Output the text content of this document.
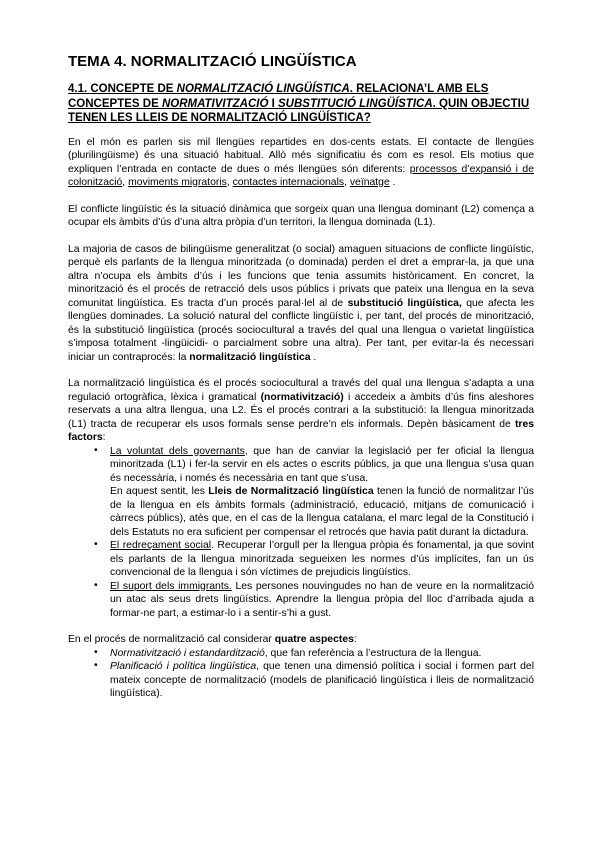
TEMA 4. NORMALITZACIÓ LINGÜÍSTICA
4.1. CONCEPTE DE NORMALITZACIÓ LINGÜÍSTICA. RELACIONA’L AMB ELS CONCEPTES DE NORMATIVITZACIÓ I SUBSTITUCIÓ LINGÜÍSTICA. QUIN OBJECTIU TENEN LES LLEIS DE NORMALITZACIÓ LINGÜÍSTICA?
En el món es parlen sis mil llengües repartides en dos-cents estats. El contacte de llengües (plurilingüisme) és una situació habitual. Allò més significatiu és com es resol. Els motius que expliquen l’entrada en contacte de dues o més llengües són diferents: processos d’expansió i de colonització, moviments migratoris, contactes internacionals, veïnatge .
El conflicte lingüístic és la situació dinàmica que sorgeix quan una llengua dominant (L2) comença a ocupar els àmbits d’ús d’una altra pròpia d’un territori, la llengua dominada (L1).
La majoria de casos de bilingüisme generalitzat (o social) amaguen situacions de conflicte lingüístic, perquè els parlants de la llengua minoritzada (o dominada) perden el dret a emprar-la, ja que una altra n’ocupa els àmbits d’ús i les funcions que tenia assumits històricament. En concret, la minorització és el procés de retracció dels usos públics i privats que pateix una llengua en la seva comunitat lingüística. Es tracta d’un procés paral·lel al de substitució lingüística, que afecta les llengües dominades. La solució natural del conflicte lingüístic i, per tant, del procés de minorització, és la substitució lingüística (procés sociocultural a través del qual una llengua o varietat lingüística s’imposa totalment -lingüicidi- o parcialment sobre una altra). Per tant, per evitar-la és necessari iniciar un contraprocés: la normalització lingüística .
La normalització lingüística és el procés sociocultural a través del qual una llengua s’adapta a una regulació ortogràfica, lèxica i gramatical (normativització) i accedeix a àmbits d’ús fins aleshores reservats a una altra llengua, una L2. És el procés contrari a la substitució: la llengua minoritzada (L1) tracta de recuperar els usos formals sense perdre’n els informals. Depèn bàsicament de tres factors:
• La voluntat dels governants, que han de canviar la legislació per fer oficial la llengua minoritzada (L1) i fer-la servir en els actes o escrits públics, ja que una llengua s’usa quan és necessària, i només és necessària en tant que s’usa.
En aquest sentit, les Lleis de Normalització lingüística tenen la funció de normalitzar l’ús de la llengua en els àmbits formals (administració, educació, mitjans de comunicació i càrrecs públics), atès que, en el cas de la llengua catalana, el marc legal de la Constitució i dels Estatuts no era suficient per compensar el retrocés que havia patit durant la dictadura.
• El redreçament social. Recuperar l’orgull per la llengua pròpia és fonamental, ja que sovint els parlants de la llengua minoritzada segueixen les normes d’ús implícites, fan un ús convencional de la llengua i són víctimes de prejudicis lingüístics.
• El suport dels immigrants. Les persones nouvingudes no han de veure en la normalització un atac als seus drets lingüístics. Aprendre la llengua pròpia del lloc d’arribada ajuda a formar-ne part, a estimar-lo i a sentir-s’hi a gust.
En el procés de normalització cal considerar quatre aspectes:
• Normativització i estandardització, que fan referència a l’estructura de la llengua.
• Planificació i política lingüística, que tenen una dimensió política i social i formen part del mateix concepte de normalització (models de planificació lingüística i lleis de normalització lingüística).
